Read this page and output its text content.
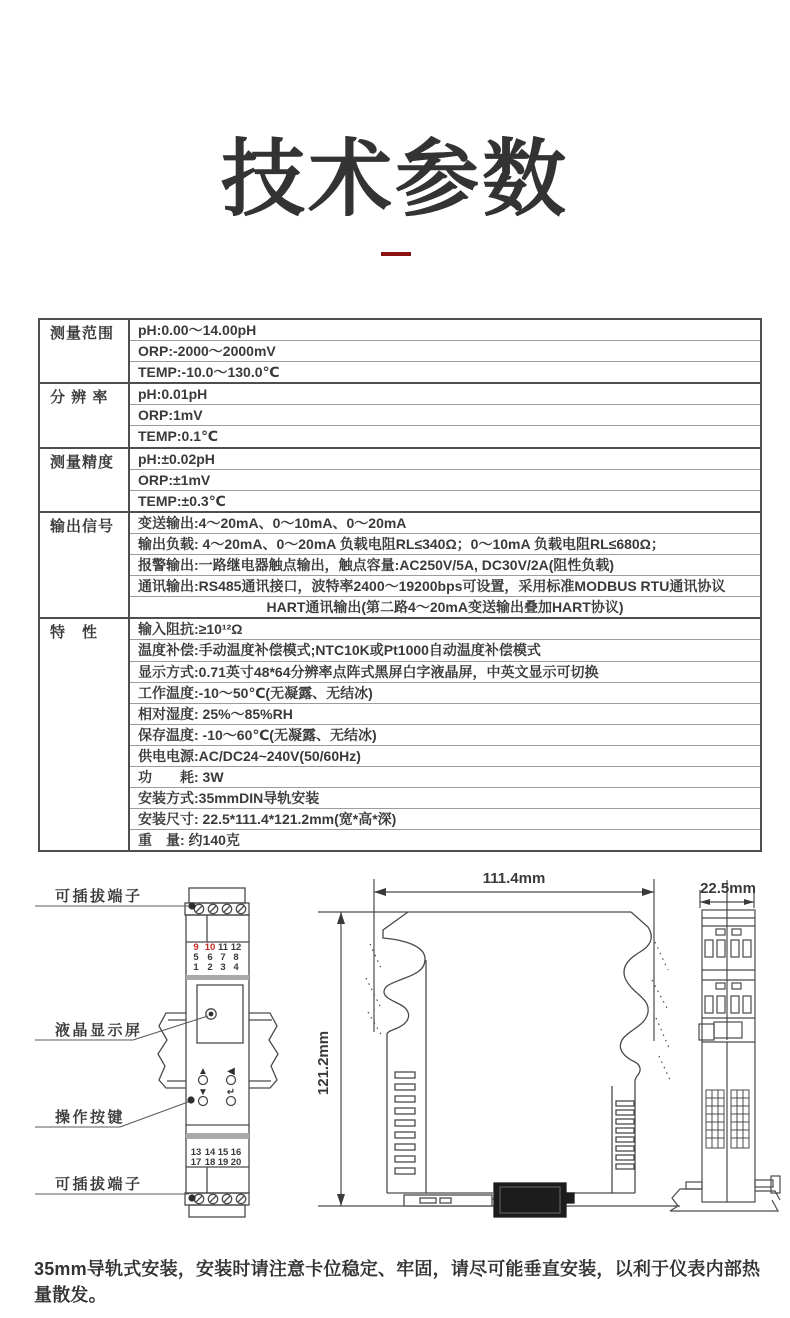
技术参数
测量范围	pH:0.00～14.00pH
ORP:-2000～2000mV
TEMP:-10.0～130.0℃
分 辨 率	pH:0.01pH
ORP:1mV
TEMP:0.1℃
测量精度	pH:±0.02pH
ORP:±1mV
TEMP:±0.3℃
输出信号	变送输出:4～20mA、0～10mA、0～20mA
输出负载: 4～20mA、0～20mA 负载电阻RL≤340Ω；0～10mA 负载电阻RL≤680Ω；
报警输出:一路继电器触点输出，触点容量:AC250V/5A, DC30V/2A(阻性负载)
通讯输出:RS485通讯接口，波特率2400～19200bps可设置，采用标准MODBUS RTU通讯协议
HART通讯输出(第二路4～20mA变送输出叠加HART协议)
特　性	输入阻抗:≥10¹²Ω
温度补偿:手动温度补偿模式;NTC10K或Pt1000自动温度补偿模式
显示方式:0.71英寸48*64分辨率点阵式黑屏白字液晶屏，中英文显示可切换
工作温度:-10～50℃(无凝露、无结冰)
相对湿度: 25%～85%RH
保存温度: -10～60℃(无凝露、无结冰)
供电电源:AC/DC24~240V(50/60Hz)
功　　耗: 3W
安装方式:35mmDIN导轨安装
安装尺寸: 22.5*111.4*121.2mm(宽*高*深)
重　量: 约140克
可插拔端子
液晶显示屏
操作按键
可插拔端子
9 10 11 12
5 6 7 8
1 2 3 4
▲ ◀
▼ ↵
13 14 15 16
17 18 19 20
111.4mm
121.2mm
22.5mm
35mm导轨式安装，安装时请注意卡位稳定、牢固，请尽可能垂直安装，以利于仪表内部热量散发。
